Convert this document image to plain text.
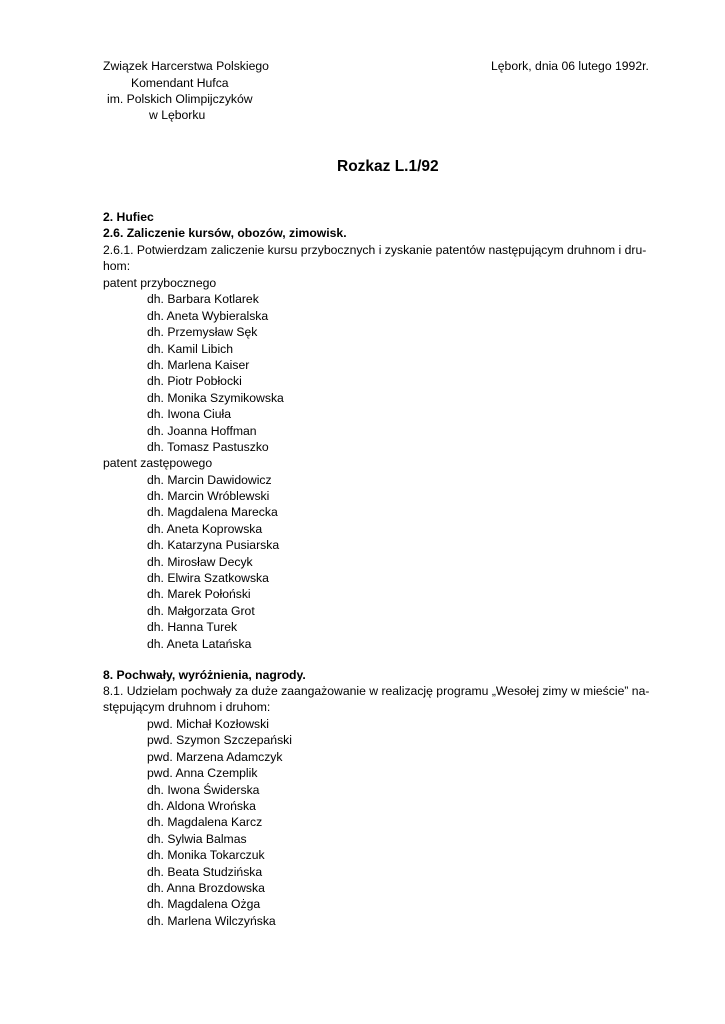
Związek Harcerstwa Polskiego
Komendant Hufca
im. Polskich Olimpijczyków
w Lęborku
Lębork, dnia 06 lutego 1992r.
Rozkaz L.1/92
2. Hufiec
2.6. Zaliczenie kursów, obozów, zimowisk.
2.6.1. Potwierdzam zaliczenie kursu przybocznych i zyskanie patentów następującym druhnom i dru-
hom:
patent przybocznego
dh. Barbara Kotlarek
dh. Aneta Wybieralska
dh. Przemysław Sęk
dh. Kamil Libich
dh. Marlena Kaiser
dh. Piotr Pobłocki
dh. Monika Szymikowska
dh. Iwona Ciuła
dh. Joanna Hoffman
dh. Tomasz Pastuszko
patent zastępowego
dh. Marcin Dawidowicz
dh. Marcin Wróblewski
dh. Magdalena Marecka
dh. Aneta Koprowska
dh. Katarzyna Pusiarska
dh. Mirosław Decyk
dh. Elwira Szatkowska
dh. Marek Połoński
dh. Małgorzata Grot
dh. Hanna Turek
dh. Aneta Latańska
8. Pochwały, wyróżnienia, nagrody.
8.1. Udzielam pochwały za duże zaangażowanie w realizację programu „Wesołej zimy w mieście” na-
stępującym druhnom i druhom:
pwd. Michał Kozłowski
pwd. Szymon Szczepański
pwd. Marzena Adamczyk
pwd. Anna Czemplik
dh. Iwona Świderska
dh. Aldona Wrońska
dh. Magdalena Karcz
dh. Sylwia Balmas
dh. Monika Tokarczuk
dh. Beata Studzińska
dh. Anna Brozdowska
dh. Magdalena Ożga
dh. Marlena Wilczyńska
